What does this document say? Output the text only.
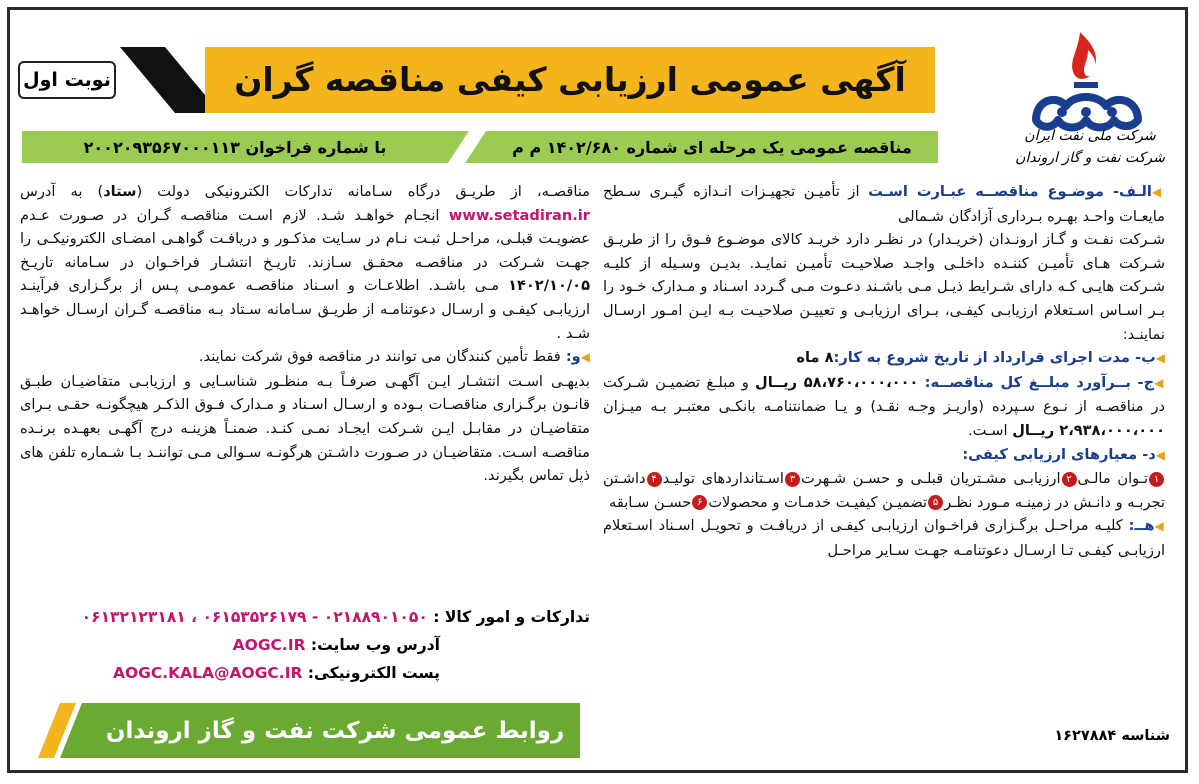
آگهی عمومی ارزیابی کیفی مناقصه گران
نوبت اول
شرکت ملی نفت ایران
شرکت نفت و گاز اروندان
مناقصه عمومی یک مرحله ای شماره ۱۴۰۲/۶۸۰ م م
با شماره فراخوان ۲۰۰۲۰۹۳۵۶۷۰۰۰۱۱۳

◀الـف- موضـوع مناقصــه عبـارت اسـت از تأمیـن تجهیـزات انـدازه گیـری سـطح مایعـات واحـد بهـره بـرداری آزادگان شـمالی

شـرکت نفـت و گـاز ارونـدان (خریـدار) در نظـر دارد خریـد کالای موضـوع فـوق را از طریـق شـرکت هـای تأمیـن کننـده داخلـی واجـد صلاحیـت تأمیـن نمایـد. بدیـن وسـیله از کلیـه شـرکت هایـی کـه دارای شـرایط ذیـل مـی باشـند دعـوت مـی گـردد اسـناد و مـدارک خـود را بـر اسـاس اسـتعلام ارزیابـی کیفـی، بـرای ارزیابـی و تعییـن صلاحیـت بـه ایـن امـور ارسـال نماینـد:

◀ب- مدت اجرای قرارداد از تاریخ شروع به کار:۸ ماه

◀ج- بــرآورد مبلــغ کل مناقصــه: ۵۸،۷۶۰،۰۰۰،۰۰۰ ریــال و مبلـغ تضمیـن شـرکت در مناقصـه از نـوع سـپرده (واریـز وجـه نقـد) و یـا ضمانتنامـه بانکـی معتبـر بـه میـزان ۲،۹۳۸،۰۰۰،۰۰۰ ریــال اسـت.

◀د- معیارهای ارزیابی کیفی:

۱تـوان مالـی۲ارزیابـی مشـتریان قبلـی و حسـن شـهرت۳اسـتانداردهای تولیـد۴داشـتن تجربـه و دانـش در زمینـه مـورد نظـر۵تضمیـن کیفیـت خدمـات و محصولات۶حسـن سـابقه

◀هــ: کلیـه مراحـل برگـزاری فراخـوان ارزیابـی کیفـی از دریافـت و تحویـل اسـناد اسـتعلام ارزیابـی کیفـی تـا ارسـال دعوتنامـه جهـت سـایر مراحـل

مناقصـه، از طریـق درگاه سـامانه تدارکات الکترونیکی دولت (ستاد) به آدرس www.setadiran.ir انجـام خواهـد شـد. لازم اسـت مناقصـه گـران در صـورت عـدم عضویـت قبلـی، مراحـل ثبـت نـام در سـایت مذکـور و دریافـت گواهـی امضـای الکترونیکـی را جهـت شـرکت در مناقصـه محقـق سـازند. تاریـخ انتشـار فراخـوان در سـامانه تاریـخ ۱۴۰۲/۱۰/۰۵ مـی باشـد. اطلاعـات و اسـناد مناقصـه عمومـی پـس از برگـزاری فرآینـد ارزیابـی کیفـی و ارسـال دعوتنامـه از طریـق سـامانه سـتاد بـه مناقصـه گـران ارسـال خواهـد شـد .

◀و: فقط تأمین کنندگان می توانند در مناقصه فوق شرکت نمایند.

بدیهـی اسـت انتشـار ایـن آگهـی صرفـاً بـه منظـور شناسـایی و ارزیابـی متقاضیـان طبـق قانـون برگـزاری مناقصـات بـوده و ارسـال اسـناد و مـدارک فـوق الذکـر هیچگونـه حقـی بـرای متقاضیـان در مقابـل ایـن شـرکت ایجـاد نمـی کنـد. ضمنـاً هزینـه درج آگهـی بعهـده برنـده مناقصـه اسـت. متقاضیـان در صـورت داشـتن هرگونـه سـوالی مـی تواننـد بـا شـماره تلفن های ذیل تماس بگیرند.

تدارکات و امور کالا : ۰۲۱۸۸۹۰۱۰۵۰ - ۰۶۱۵۳۵۲۶۱۷۹ ، ۰۶۱۳۲۱۲۳۱۸۱
آدرس وب سایت: AOGC.IR
پست الکترونیکی: AOGC.KALA@AOGC.IR
روابط عمومی شرکت نفت و گاز اروندان	شناسه ۱۶۲۷۸۸۴
